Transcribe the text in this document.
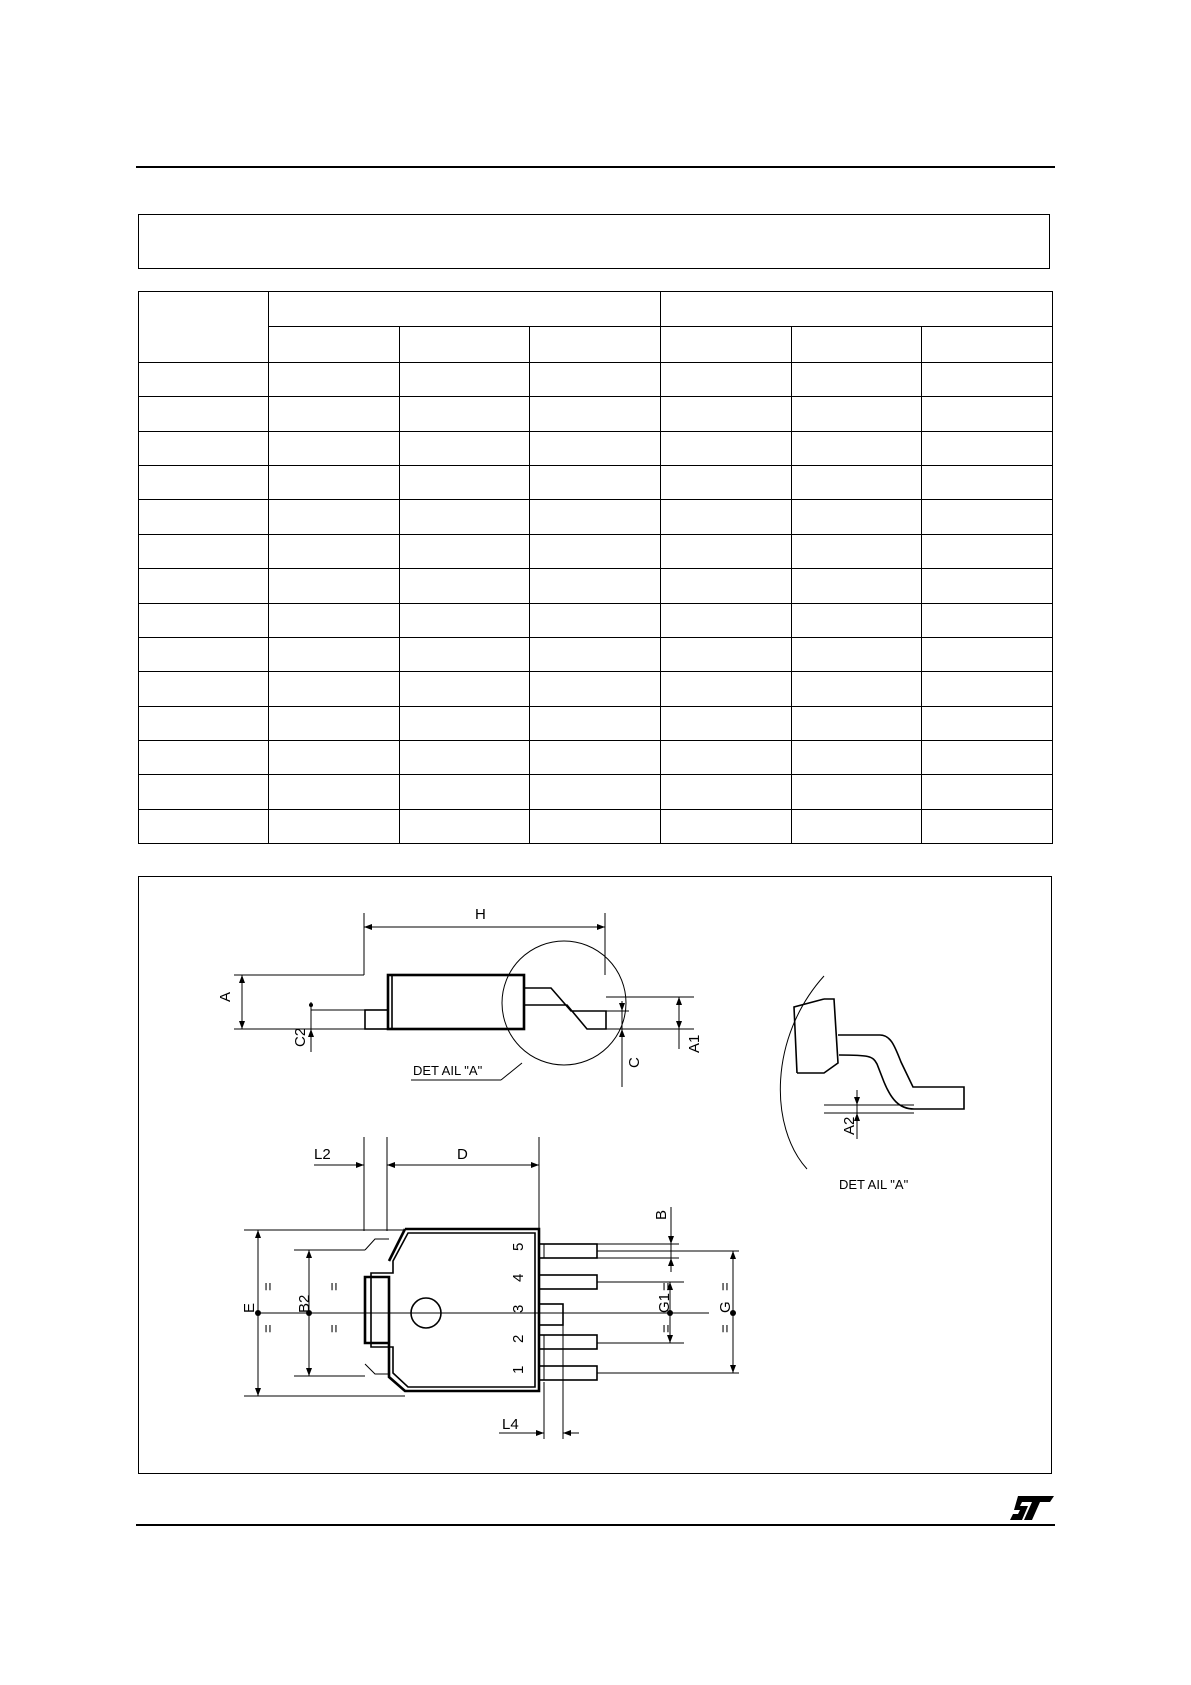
H
DET AIL "A"
A
C2
C
A1
A2
DET AIL "A"
L2	D
5
4
3
2
1
E
=
=
B2
=
=
B
G1
=
=
G
=
=
L4
